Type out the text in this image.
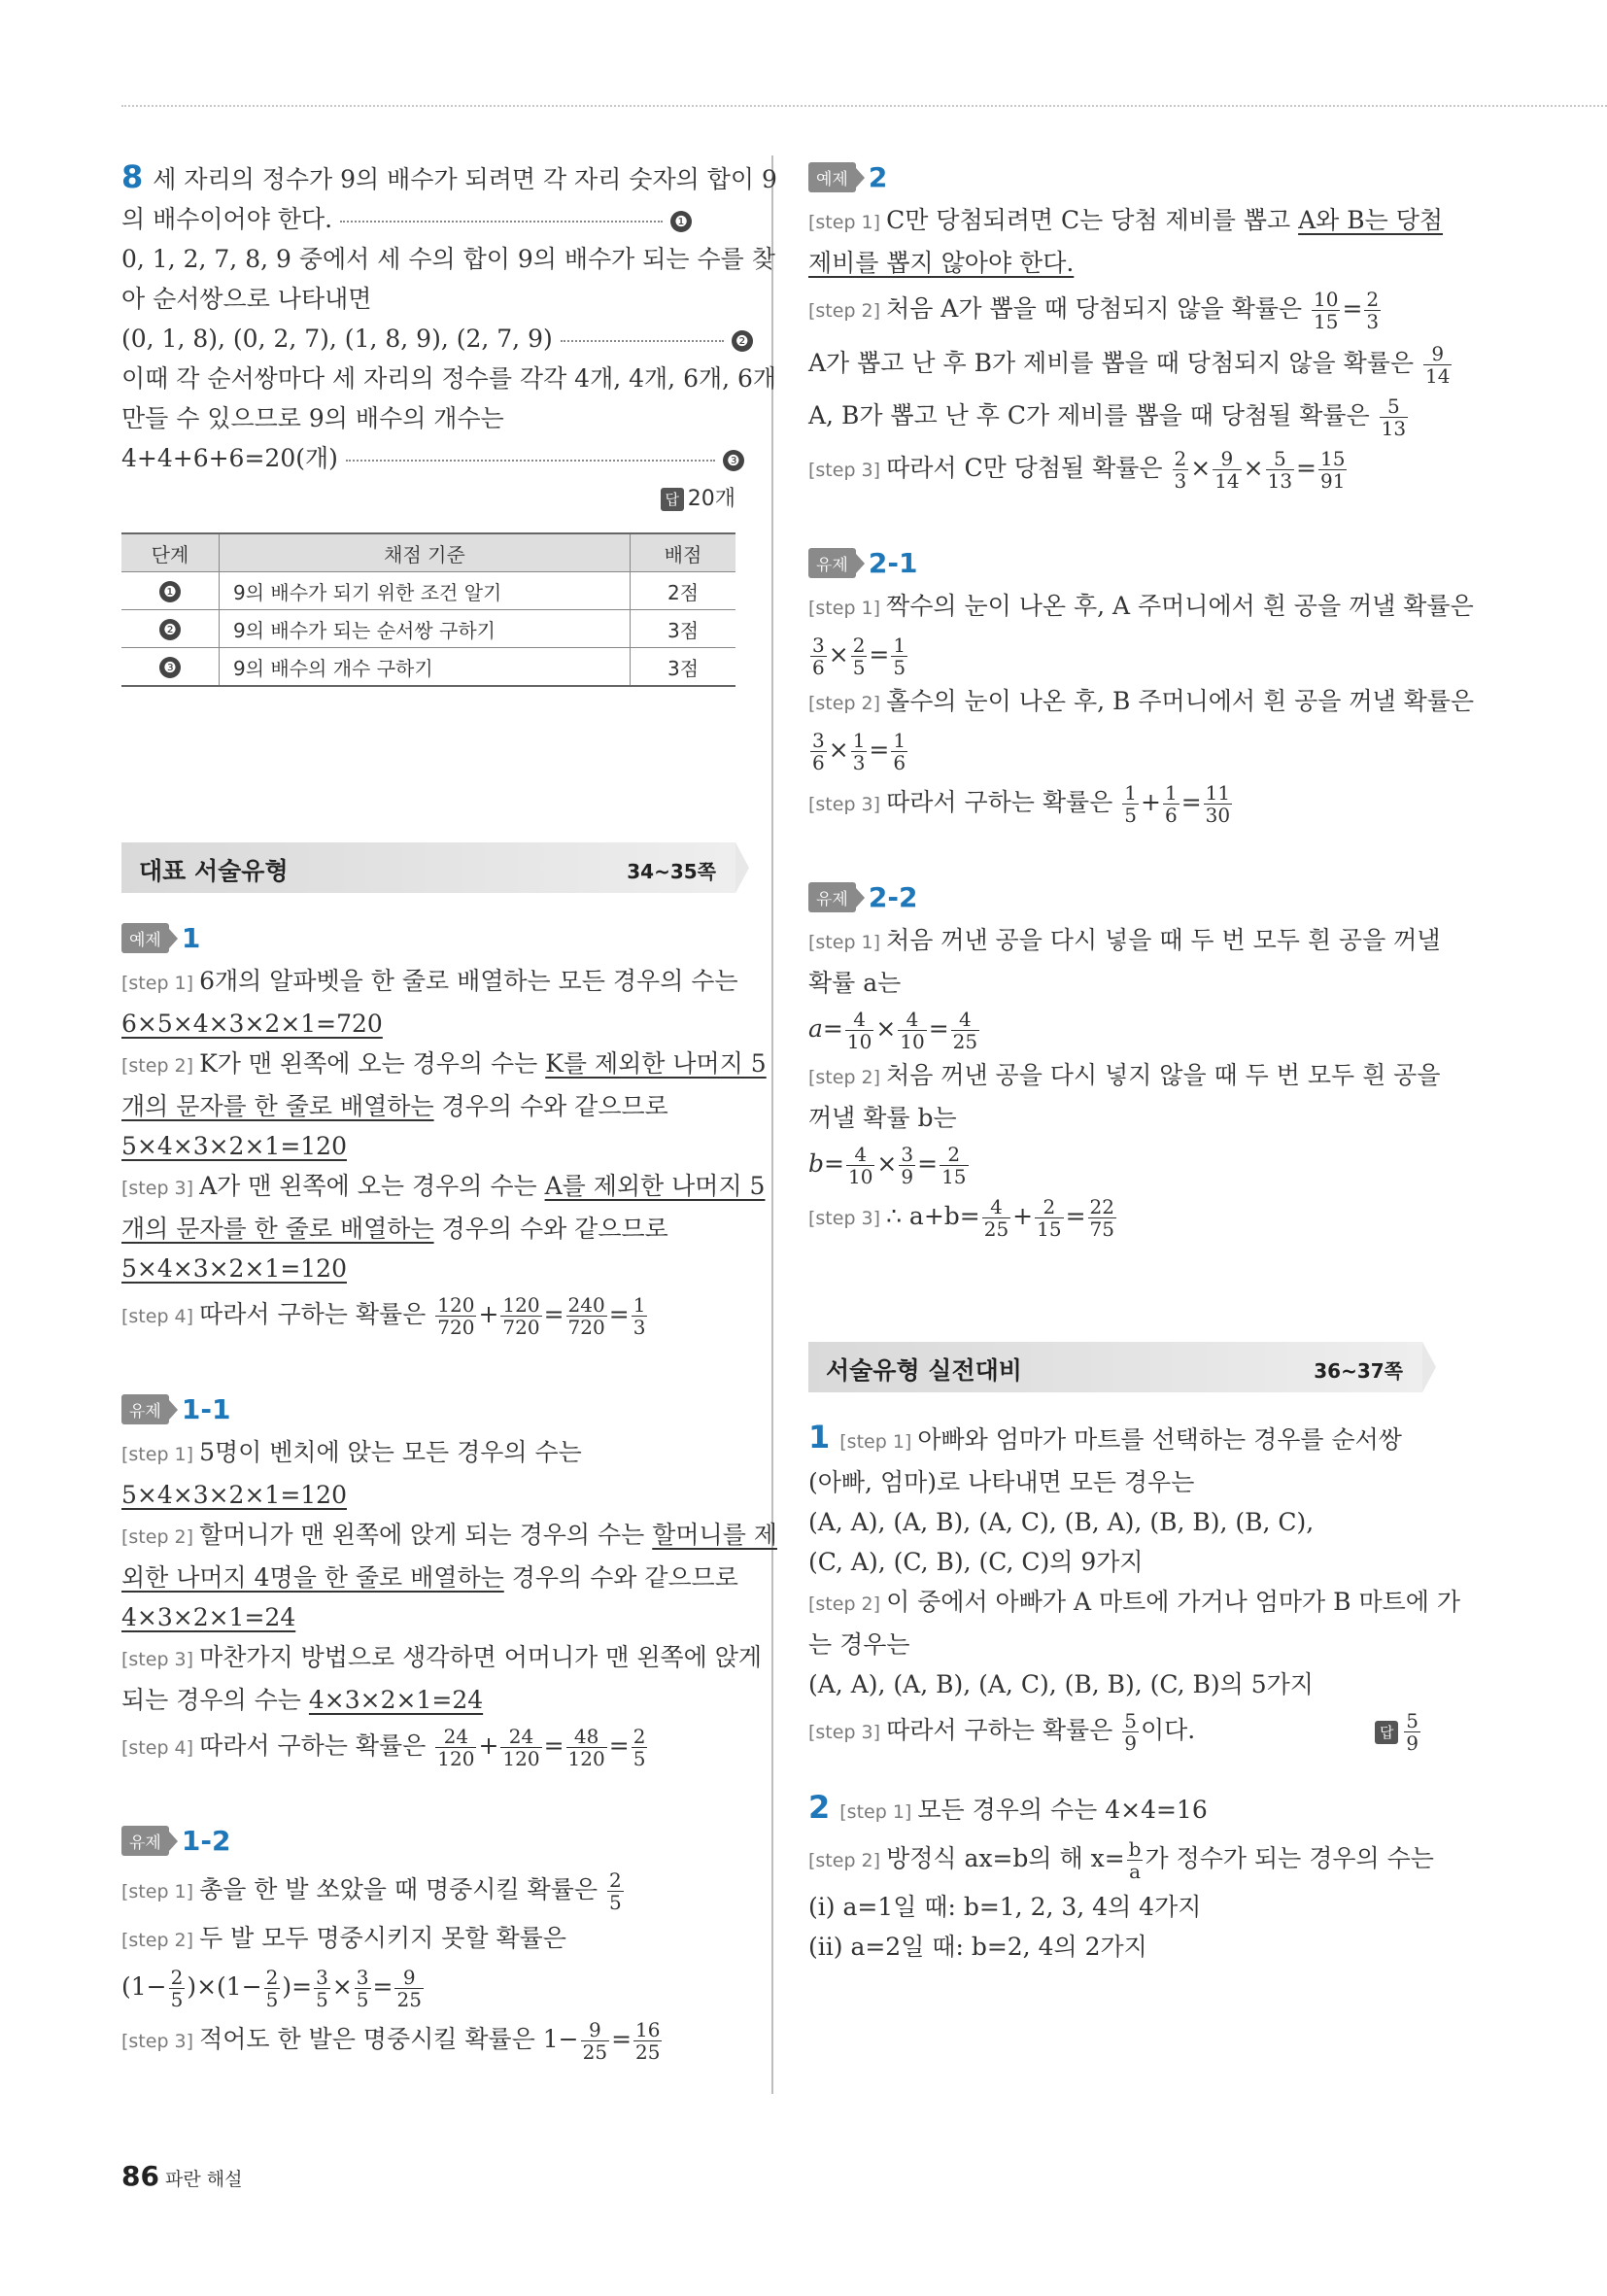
8 세 자리의 정수가 9의 배수가 되려면 각 자리 숫자의 합이 9
의 배수이어야 한다.	❶
0, 1, 2, 7, 8, 9 중에서 세 수의 합이 9의 배수가 되는 수를 찾
아 순서쌍으로 나타내면
(0, 1, 8), (0, 2, 7), (1, 8, 9), (2, 7, 9)	❷
이때 각 순서쌍마다 세 자리의 정수를 각각 4개, 4개, 6개, 6개
만들 수 있으므로 9의 배수의 개수는
4+4+6+6=20(개)	❸
답 20개
단계	채점 기준	배점
❶	9의 배수가 되기 위한 조건 알기	2점
❷	9의 배수가 되는 순서쌍 구하기	3점
❸	9의 배수의 개수 구하기	3점
대표 서술유형	34~35쪽
예제 1
[step 1] 6개의 알파벳을 한 줄로 배열하는 모든 경우의 수는
6×5×4×3×2×1=720
[step 2] K가 맨 왼쪽에 오는 경우의 수는 K를 제외한 나머지 5
개의 문자를 한 줄로 배열하는 경우의 수와 같으므로
5×4×3×2×1=120
[step 3] A가 맨 왼쪽에 오는 경우의 수는 A를 제외한 나머지 5
개의 문자를 한 줄로 배열하는 경우의 수와 같으므로
5×4×3×2×1=120
[step 4] 따라서 구하는 확률은 $\frac{120}{720} + \frac{120}{720} = \frac{240}{720} = \frac{1}{3}$
유제 1-1
[step 1] 5명이 벤치에 앉는 모든 경우의 수는
5×4×3×2×1=120
[step 2] 할머니가 맨 왼쪽에 앉게 되는 경우의 수는 할머니를 제
외한 나머지 4명을 한 줄로 배열하는 경우의 수와 같으므로
4×3×2×1=24
[step 3] 마찬가지 방법으로 생각하면 어머니가 맨 왼쪽에 앉게
되는 경우의 수는 4×3×2×1=24
[step 4] 따라서 구하는 확률은 $\frac{24}{120} + \frac{24}{120} = \frac{48}{120} = \frac{2}{5}$
유제 1-2
[step 1] 총을 한 발 쏘았을 때 명중시킬 확률은 $\frac{2}{5}$
[step 2] 두 발 모두 명중시키지 못할 확률은
$(1- \frac{2}{5} )\times(1- \frac{2}{5}$ )= $\frac{3}{5} \times \frac{3}{5} = \frac{9}{25}$
[step 3] 적어도 한 발은 명중시킬 확률은 $1- \frac{9}{25} = \frac{16}{25}$
예제 2
[step 1] C만 당첨되려면 C는 당첨 제비를 뽑고 A와 B는 당첨
제비를 뽑지 않아야 한다.
[step 2] 처음 A가 뽑을 때 당첨되지 않을 확률은 $\frac{10}{15} = \frac{2}{3}$
A가 뽑고 난 후 B가 제비를 뽑을 때 당첨되지 않을 확률은 $\frac{9}{14}$
A, B가 뽑고 난 후 C가 제비를 뽑을 때 당첨될 확률은 $\frac{5}{13}$
[step 3] 따라서 C만 당첨될 확률은 $\frac{2}{3} \times \frac{9}{14} \times \frac{5}{13} = \frac{15}{91}$
유제 2-1
[step 1] 짝수의 눈이 나온 후, A 주머니에서 흰 공을 꺼낼 확률은
$\frac{3}{6} \times \frac{2}{5} = \frac{1}{5}$
[step 2] 홀수의 눈이 나온 후, B 주머니에서 흰 공을 꺼낼 확률은
$\frac{3}{6} \times \frac{1}{3} = \frac{1}{6}$
[step 3] 따라서 구하는 확률은 $\frac{1}{5} + \frac{1}{6} = \frac{11}{30}$
유제 2-2
[step 1] 처음 꺼낸 공을 다시 넣을 때 두 번 모두 흰 공을 꺼낼
확률 a는
$a= \frac{4}{10} \times \frac{4}{10} = \frac{4}{25}$
[step 2] 처음 꺼낸 공을 다시 넣지 않을 때 두 번 모두 흰 공을
꺼낼 확률 b는
$b= \frac{4}{10} \times \frac{3}{9} = \frac{2}{15}$
[step 3] ∴ $a+b= \frac{4}{25} + \frac{2}{15} = \frac{22}{75}$
서술유형 실전대비	36~37쪽
1 [step 1] 아빠와 엄마가 마트를 선택하는 경우를 순서쌍
(아빠, 엄마)로 나타내면 모든 경우는
(A, A), (A, B), (A, C), (B, A), (B, B), (B, C),
(C, A), (C, B), (C, C)의 9가지
[step 2] 이 중에서 아빠가 A 마트에 가거나 엄마가 B 마트에 가
는 경우는
(A, A), (A, B), (A, C), (B, B), (C, B)의 5가지
[step 3] 따라서 구하는 확률은 $\frac{5}{9}$ 이다.	답 $\frac{5}{9}$
2 [step 1] 모든 경우의 수는 4×4=16
[step 2] 방정식 ax=b의 해 $x= \frac{b}{a}$ 가 정수가 되는 경우의 수는
(ⅰ) a=1일 때: b=1, 2, 3, 4의 4가지
(ⅱ) a=2일 때: b=2, 4의 2가지
86 파란 해설
